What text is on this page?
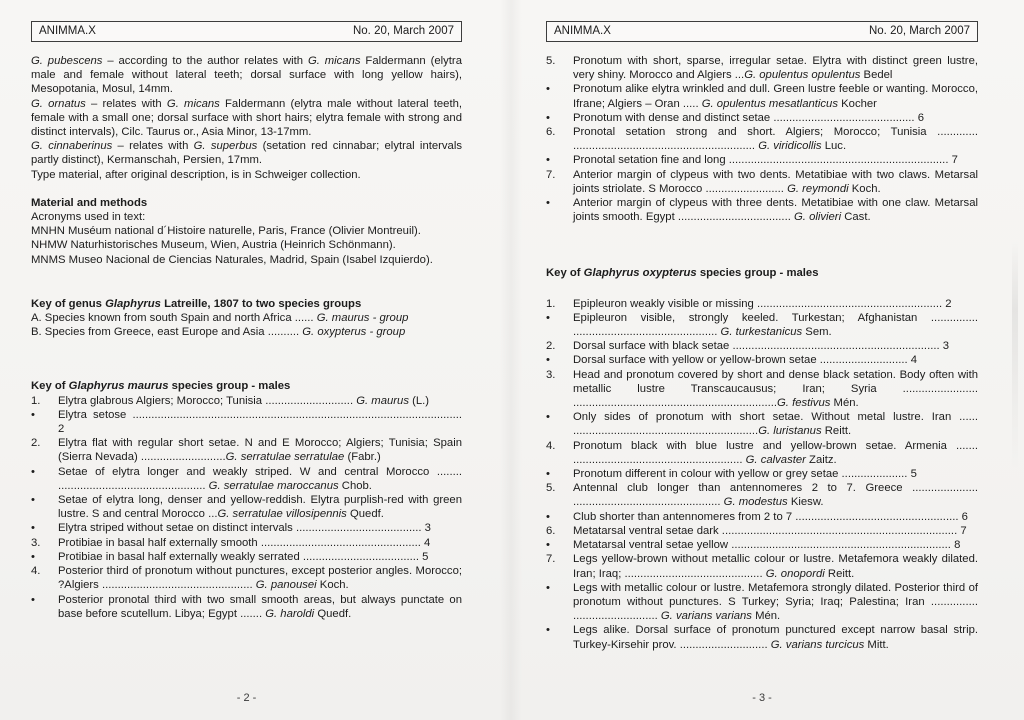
ANIMMA.X	No. 20, March 2007
G. pubescens – according to the author relates with G. micans Faldermann (elytra male and female without lateral teeth; dorsal surface with long yellow hairs), Mesopotania, Mosul, 14mm.
G. ornatus – relates with G. micans Faldermann (elytra male without lateral teeth, female with a small one; dorsal surface with short hairs; elytra female with strong and distinct intervals), Cilc. Taurus or., Asia Minor, 13-17mm.
G. cinnaberinus – relates with G. superbus (setation red cinnabar; elytral intervals partly distinct), Kermanschah, Persien, 17mm.
Type material, after original description, is in Schweiger collection.
Material and methods
Acronyms used in text:
MNHN Muséum national d´Histoire naturelle, Paris, France (Olivier Montreuil).
NHMW Naturhistorisches Museum, Wien, Austria (Heinrich Schönmann).
MNMS Museo Nacional de Ciencias Naturales, Madrid, Spain (Isabel Izquierdo).
Key of genus Glaphyrus Latreille, 1807 to two species groups
A. Species known from south Spain and north Africa ...... G. maurus - group
B. Species from Greece, east Europe and Asia .......... G. oxypterus - group
Key of Glaphyrus maurus species group - males
1.	Elytra glabrous Algiers; Morocco; Tunisia ............................ G. maurus (L.)
•	Elytra setose ......................................................................................................... 2
2.	Elytra flat with regular short setae. N and E Morocco; Algiers; Tunisia; Spain (Sierra Nevada) ...........................G. serratulae serratulae (Fabr.)
•	Setae of elytra longer and weakly striped. W and central Morocco ........ ............................................... G. serratulae maroccanus Chob.
•	Setae of elytra long, denser and yellow-reddish. Elytra purplish-red with green lustre. S and central Morocco ...G. serratulae villosipennis Quedf.
•	Elytra striped without setae on distinct intervals ........................................ 3
3.	Protibiae in basal half externally smooth ................................................... 4
•	Protibiae in basal half externally weakly serrated ..................................... 5
4.	Posterior third of pronotum without punctures, except posterior angles. Morocco; ?Algiers ................................................ G. panousei Koch.
•	Posterior pronotal third with two small smooth areas, but always punctate on base before scutellum. Libya; Egypt ....... G. haroldi Quedf.
- 2 -
ANIMMA.X	No. 20, March 2007
5.	Pronotum with short, sparse, irregular setae. Elytra with distinct green lustre, very shiny. Morocco and Algiers ...G. opulentus opulentus Bedel
•	Pronotum alike elytra wrinkled and dull. Green lustre feeble or wanting. Morocco, Ifrane; Algiers – Oran ..... G. opulentus mesatlanticus Kocher
•	Pronotum with dense and distinct setae ............................................. 6
6.	Pronotal setation strong and short. Algiers; Morocco; Tunisia ............. .......................................................... G. viridicollis Luc.
•	Pronotal setation fine and long ...................................................................... 7
7.	Anterior margin of clypeus with two dents. Metatibiae with two claws. Metarsal joints striolate. S Morocco ......................... G. reymondi Koch.
•	Anterior margin of clypeus with three dents. Metatibiae with one claw. Metarsal joints smooth. Egypt .................................... G. olivieri Cast.
Key of Glaphyrus oxypterus species group - males
1.	Epipleuron weakly visible or missing ........................................................... 2
•	Epipleuron visible, strongly keeled. Turkestan; Afghanistan ............... .............................................. G. turkestanicus Sem.
2.	Dorsal surface with black setae .................................................................. 3
•	Dorsal surface with yellow or yellow-brown setae ............................ 4
3.	Head and pronotum covered by short and dense black setation. Body often with metallic lustre Transcaucausus; Iran; Syria ........................ .................................................................G. festivus Mén.
•	Only sides of pronotum with short setae. Without metal lustre. Iran ...... ...........................................................G. luristanus Reitt.
4.	Pronotum black with blue lustre and yellow-brown setae. Armenia ....... ...................................................... G. calvaster Zaitz.
•	Pronotum different in colour with yellow or grey setae ..................... 5
5.	Antennal club longer than antennomeres 2 to 7. Greece ..................... ............................................... G. modestus Kiesw.
•	Club shorter than antennomeres from 2 to 7 .................................................... 6
6.	Metatarsal ventral setae dark ........................................................................... 7
•	Metatarsal ventral setae yellow ...................................................................... 8
7.	Legs yellow-brown without metallic colour or lustre. Metafemora weakly dilated. Iran; Iraq; ............................................ G. onopordi Reitt.
•	Legs with metallic colour or lustre. Metafemora strongly dilated. Posterior third of pronotum without punctures. S Turkey; Syria; Iraq; Palestina; Iran ............... ........................... G. varians varians Mén.
•	Legs alike. Dorsal surface of pronotum punctured except narrow basal strip. Turkey-Kirsehir prov. ............................ G. varians turcicus Mitt.
- 3 -
